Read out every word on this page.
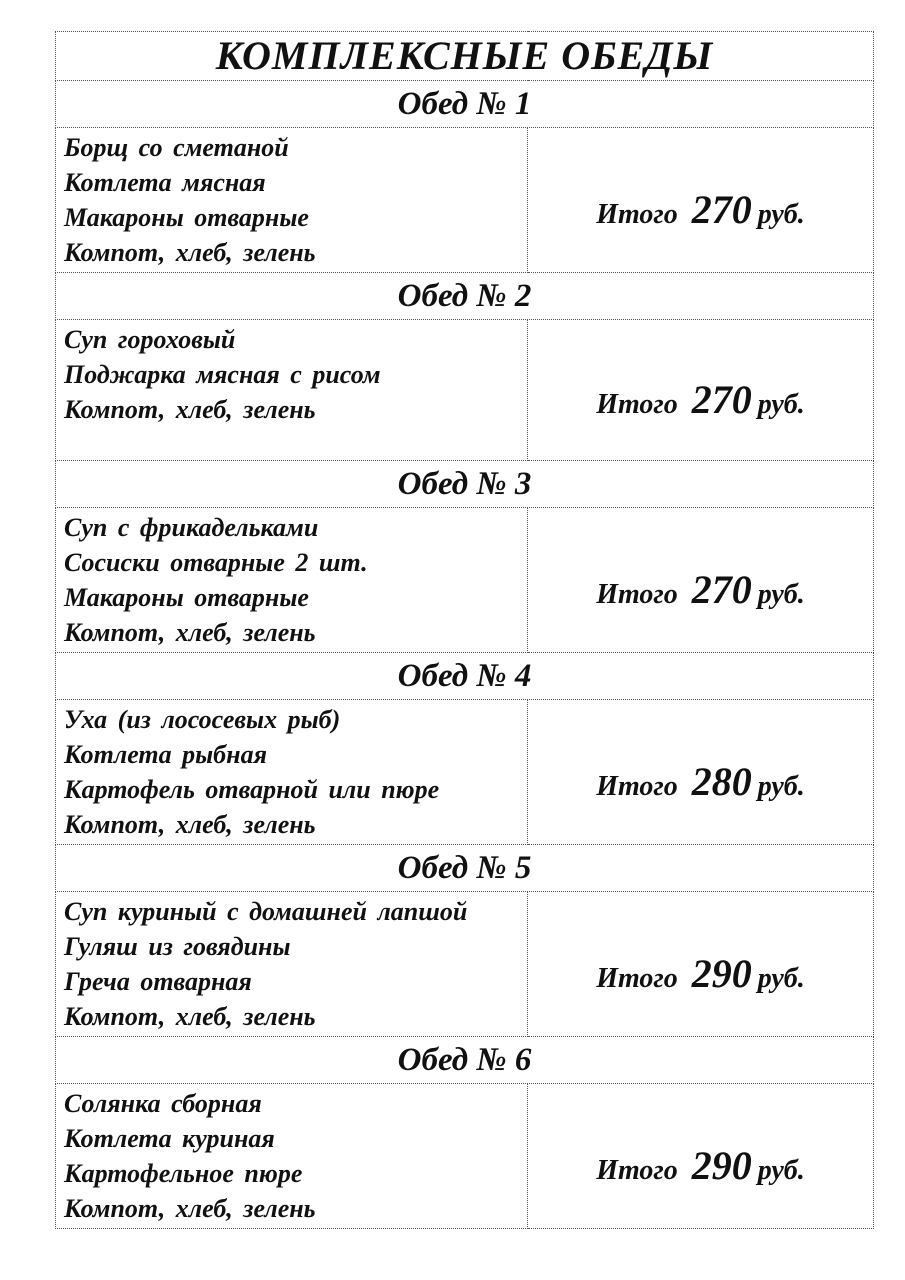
КОМПЛЕКСНЫЕ ОБЕДЫ	
Обед № 1	

Борщ со сметаной
Котлета мясная
Макароны отварные
Компот, хлеб, зелень	Итого 270 руб.
Обед № 2	

Суп гороховый
Поджарка мясная с рисом
Компот, хлеб, зелень	Итого 270 руб.
Обед № 3	

Суп с фрикадельками
Сосиски отварные 2 шт.
Макароны отварные
Компот, хлеб, зелень	Итого 270 руб.
Обед № 4	

Уха (из лососевых рыб)
Котлета рыбная
Картофель отварной или пюре
Компот, хлеб, зелень	Итого 280 руб.
Обед № 5	

Суп куриный с домашней лапшой
Гуляш из говядины
Греча отварная
Компот, хлеб, зелень	Итого 290 руб.
Обед № 6	

Солянка сборная
Котлета куриная
Картофельное пюре
Компот, хлеб, зелень	Итого 290 руб.
